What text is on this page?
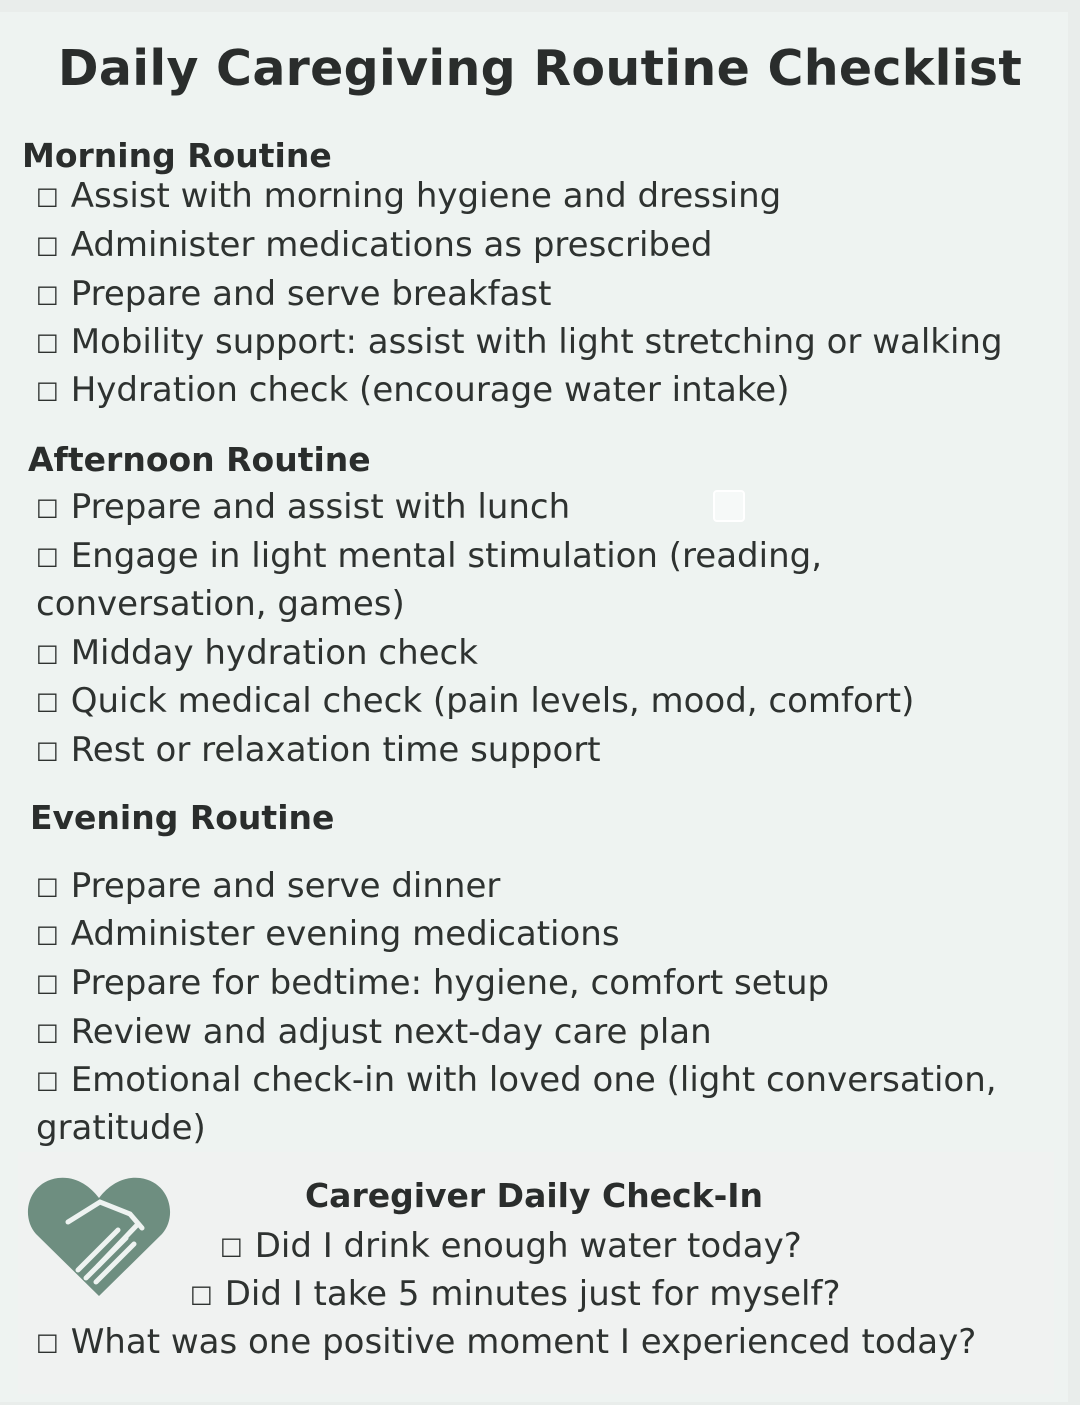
Daily Caregiving Routine Checklist
Morning Routine
□ Assist with morning hygiene and dressing
□ Administer medications as prescribed
□ Prepare and serve breakfast
□ Mobility support: assist with light stretching or walking
□ Hydration check (encourage water intake)
Afternoon Routine
□ Prepare and assist with lunch
□ Engage in light mental stimulation (reading,
conversation, games)
□ Midday hydration check
□ Quick medical check (pain levels, mood, comfort)
□ Rest or relaxation time support
Evening Routine
□ Prepare and serve dinner
□ Administer evening medications
□ Prepare for bedtime: hygiene, comfort setup
□ Review and adjust next-day care plan
□ Emotional check-in with loved one (light conversation,
gratitude)
Caregiver Daily Check-In
□ Did I drink enough water today?
□ Did I take 5 minutes just for myself?
□ What was one positive moment I experienced today?
